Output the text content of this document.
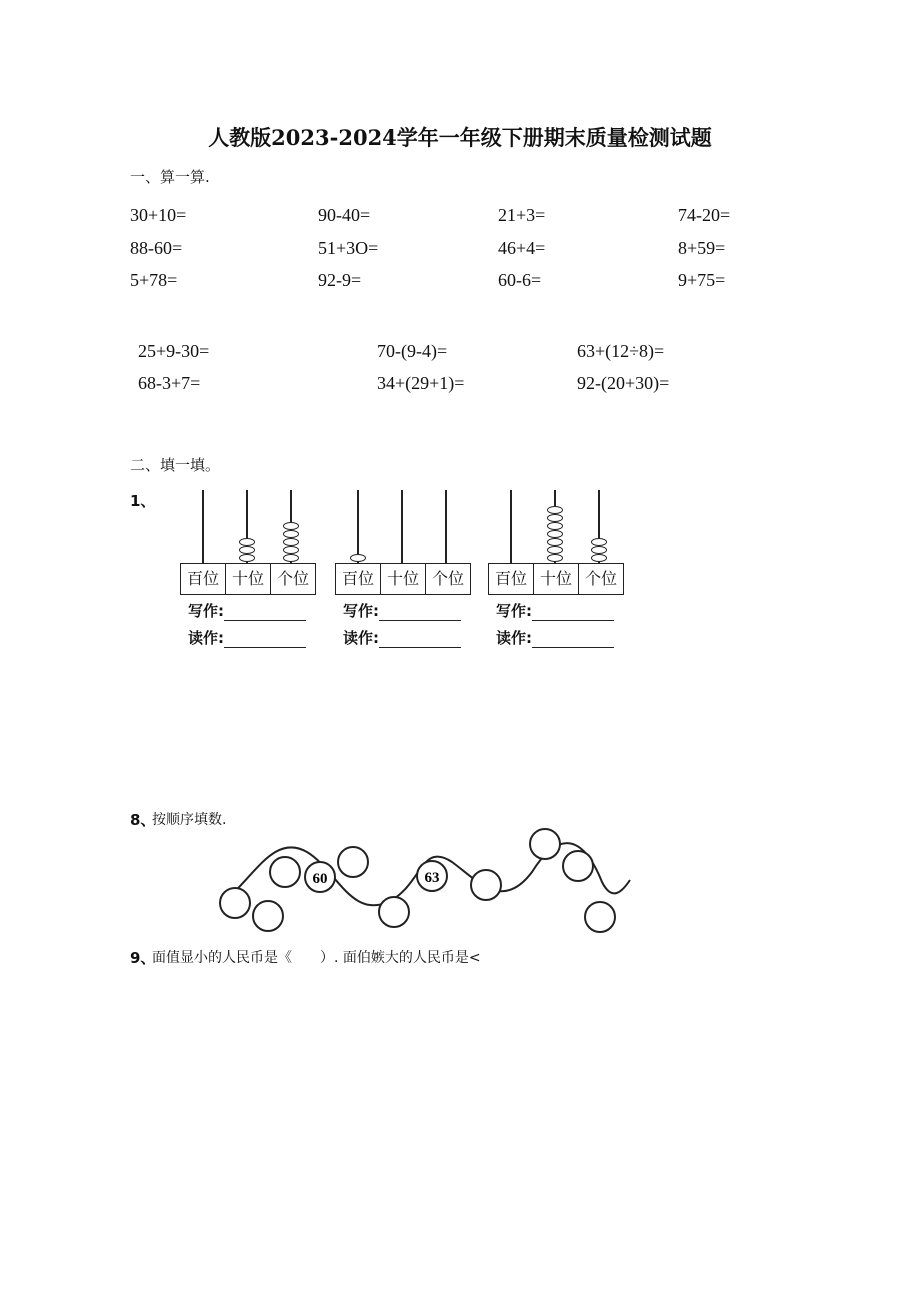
人教版2023-2024学年一年级下册期末质量检测试题
一、算一算.
30+10=	90-40=	21+3=	74-20=
88-60=	51+3O=	46+4=	8+59=
5+78=	92-9=	60-6=	9+75=
25+9-30=	70-(9-4)=	63+(12÷8)=
68-3+7=	34+(29+1)=	92-(20+30)=
二、填一填。
1、
百位 十位 个位
写作:
读作:
百位 十位 个位
写作:
读作:
百位 十位 个位
写作:
读作:
8、
按顺序填数.
60	63
9、
面值显小的人民币是《　　）. 面伯嫉大的人民币是<
